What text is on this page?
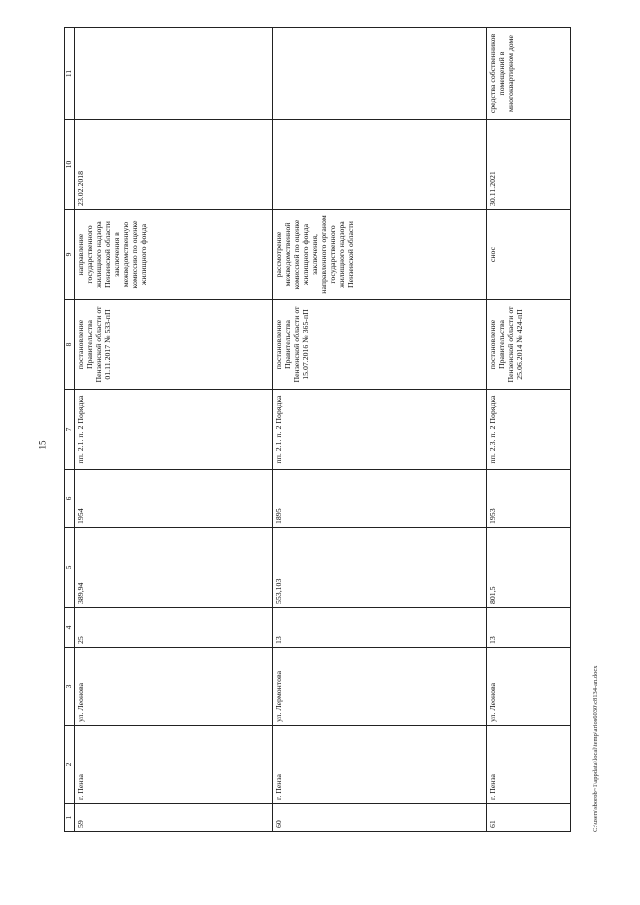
15
1	2	3	4	5	6	7	8	9	10	11
59	г. Пенза	ул. Леонова	25	389,94	1954	пп. 2.1. п. 2 Порядка	постановление Правительства Пензенской области от 01.11.2017 № 533-пП	направление государственного жилищного надзора Пензенской области заключения в межведомственную комиссию по оценке жилищного фонда	23.02.2018	
60	г. Пенза	ул. Лермонтова	13	553,103	1895	пп. 2.1. п. 2 Порядка	постановление Правительства Пензенской области от 15.07.2016 № 365-пП	рассмотрение межведомственной комиссией по оценке жилищного фонда заключения, направленного органом государственного жилищного надзора Пензенской области		
61	г. Пенза	ул. Леонова	13	801,5	1953	пп. 2.3. п. 2 Порядка	постановление Правительства Пензенской области от 25.06.2014 № 424-пП	снос	30.11.2021	средства собственников помещений в многоквартирном доме
C:\users\sborob~1\appdata\local\temp\arios6030\c8134-an.docx
